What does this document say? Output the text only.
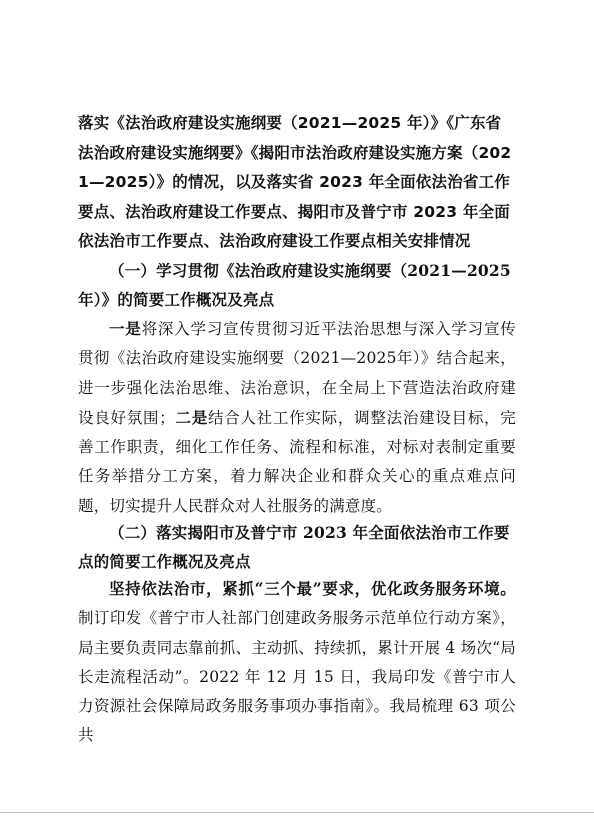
落实《法治政府建设实施纲要（2021—2025 年）》《广东省法治政府建设实施纲要》《揭阳市法治政府建设实施方案（2021—2025）》的情况，以及落实省 2023 年全面依法治省工作要点、法治政府建设工作要点、揭阳市及普宁市 2023 年全面依法治市工作要点、法治政府建设工作要点相关安排情况

（一）学习贯彻《法治政府建设实施纲要（2021—2025 年）》的简要工作概况及亮点

一是将深入学习宣传贯彻习近平法治思想与深入学习宣传贯彻《法治政府建设实施纲要（2021—2025年）》结合起来，进一步强化法治思维、法治意识，在全局上下营造法治政府建设良好氛围；二是结合人社工作实际，调整法治建设目标，完善工作职责，细化工作任务、流程和标准，对标对表制定重要任务举措分工方案，着力解决企业和群众关心的重点难点问题，切实提升人民群众对人社服务的满意度。

（二）落实揭阳市及普宁市 2023 年全面依法治市工作要点的简要工作概况及亮点

坚持依法治市，紧抓“三个最”要求，优化政务服务环境。制订印发《普宁市人社部门创建政务服务示范单位行动方案》，局主要负责同志靠前抓、主动抓、持续抓，累计开展 4 场次“局长走流程活动”。2022 年 12 月 15 日，我局印发《普宁市人力资源社会保障局政务服务事项办事指南》。我局梳理 63 项公共
